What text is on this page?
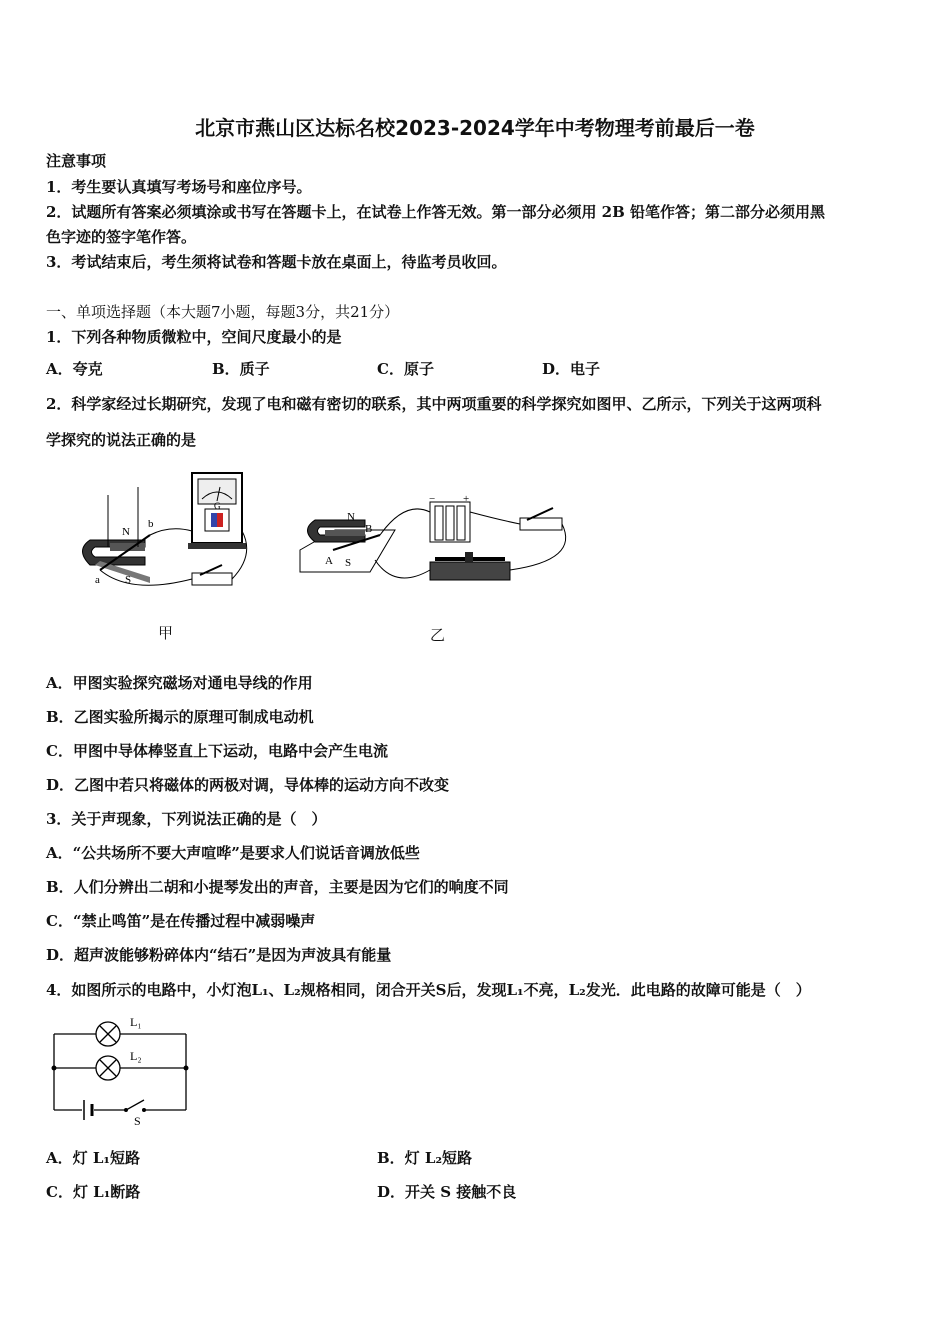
北京市燕山区达标名校2023-2024学年中考物理考前最后一卷
注意事项
1．考生要认真填写考场号和座位序号。
2．试题所有答案必须填涂或书写在答题卡上，在试卷上作答无效。第一部分必须用 2B 铅笔作答；第二部分必须用黑
色字迹的签字笔作答。
3．考试结束后，考生须将试卷和答题卡放在桌面上，待监考员收回。
一、单项选择题（本大题7小题，每题3分，共21分）
1．下列各种物质微粒中，空间尺度最小的是
A．夸克	B．质子	C．原子	D．电子
2．科学家经过长期研究，发现了电和磁有密切的联系，其中两项重要的科学探究如图甲、乙所示，下列关于这两项科
学探究的说法正确的是
N
b
a S
G
N
B
A S
−	+
甲	乙
A．甲图实验探究磁场对通电导线的作用
B．乙图实验所揭示的原理可制成电动机
C．甲图中导体棒竖直上下运动，电路中会产生电流
D．乙图中若只将磁体的两极对调，导体棒的运动方向不改变
3．关于声现象，下列说法正确的是（　）
A．“公共场所不要大声喧哗”是要求人们说话音调放低些
B．人们分辨出二胡和小提琴发出的声音，主要是因为它们的响度不同
C．“禁止鸣笛”是在传播过程中减弱噪声
D．超声波能够粉碎体内“结石”是因为声波具有能量
4．如图所示的电路中，小灯泡L₁、L₂规格相同，闭合开关S后，发现L₁不亮，L₂发光．此电路的故障可能是（　）
L₁
L₂
S
A．灯 L₁短路	B．灯 L₂短路
C．灯 L₁断路	D．开关 S 接触不良
